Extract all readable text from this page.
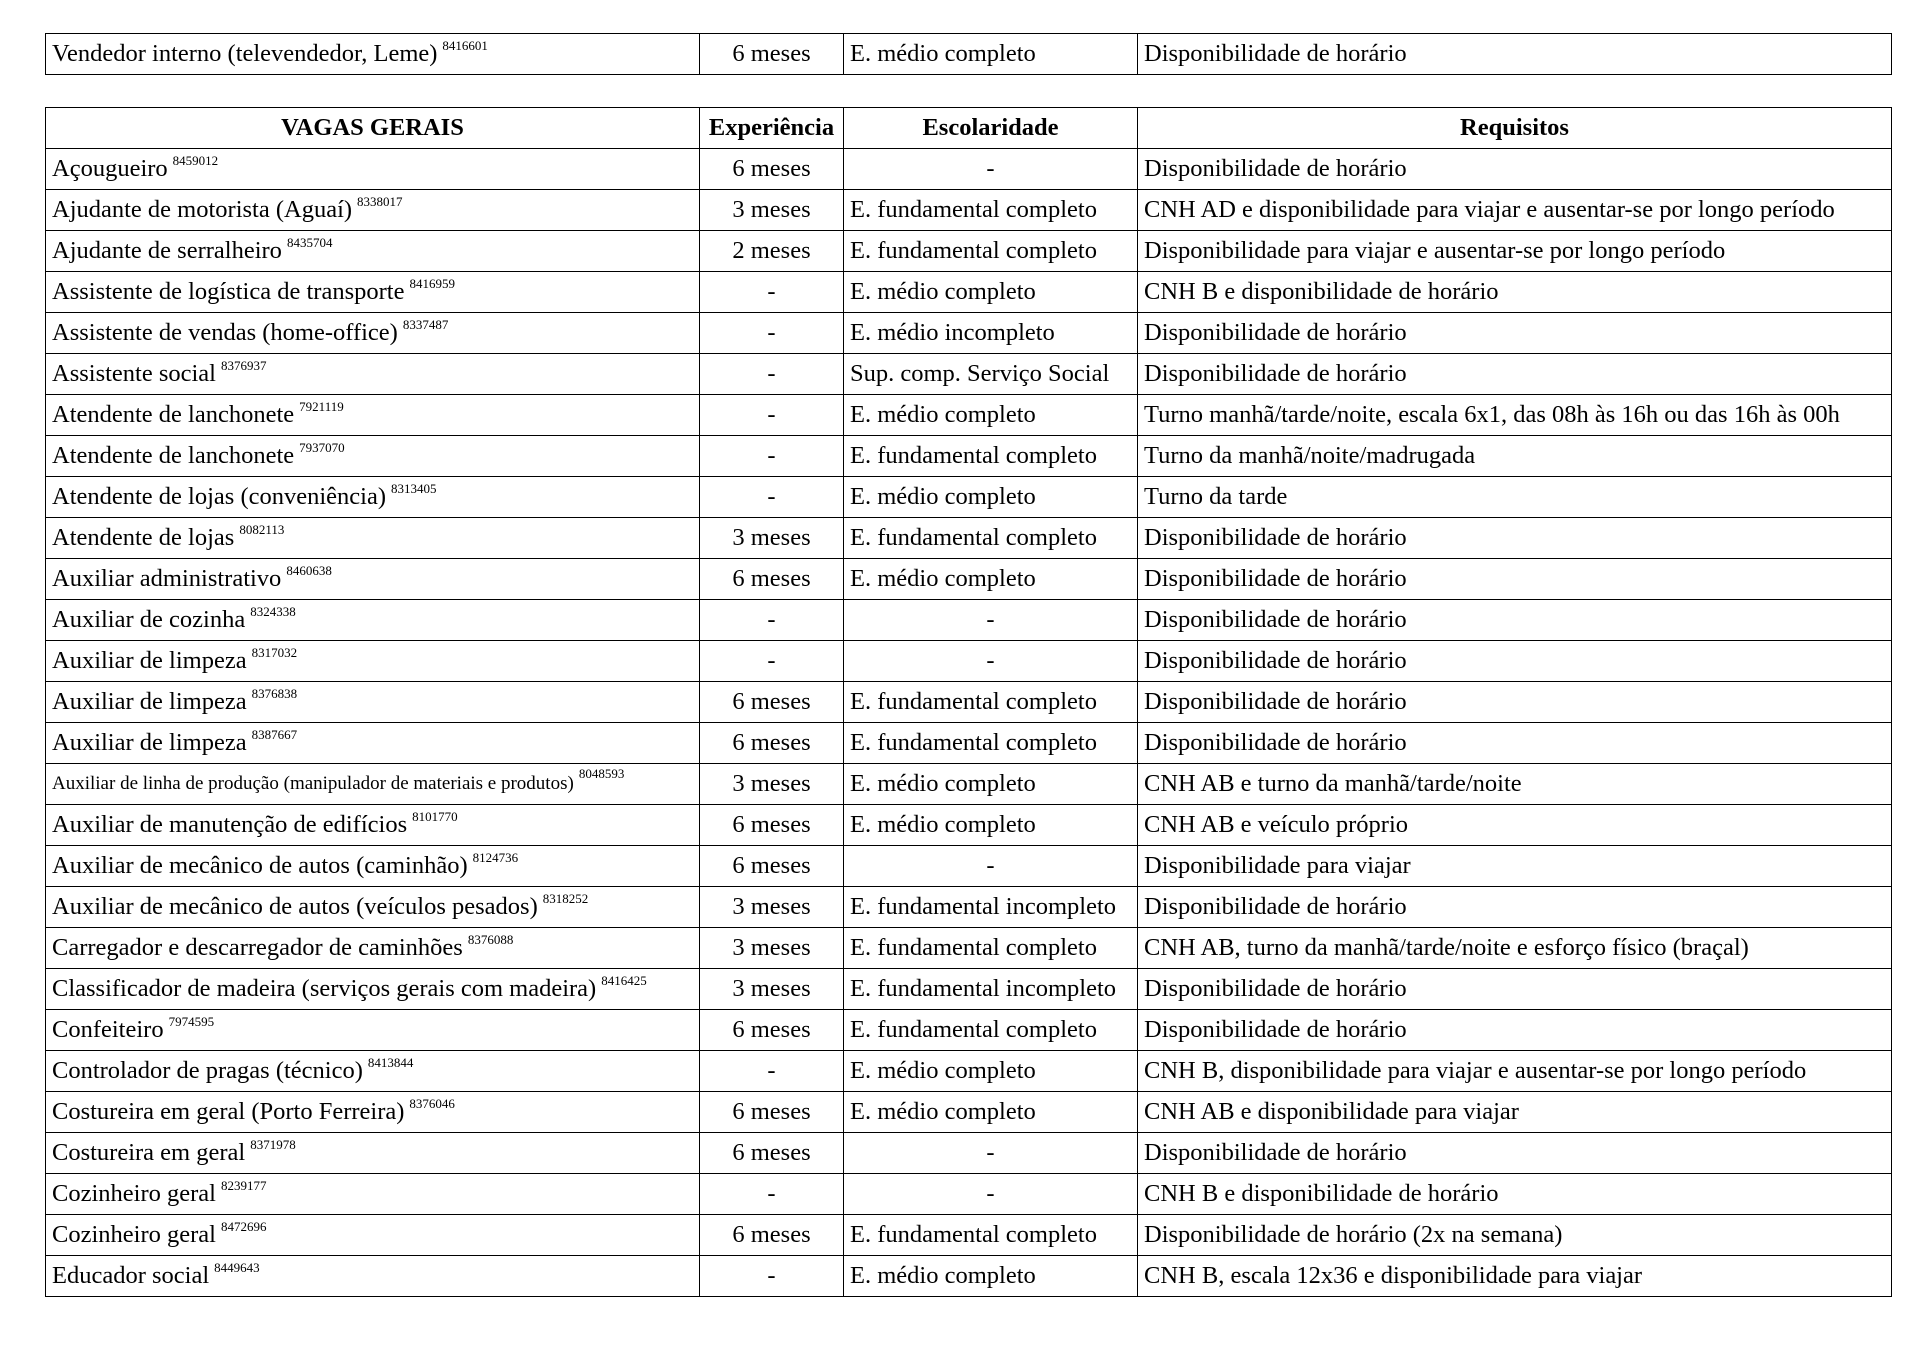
Vendedor interno (televendedor, Leme) $^{8416601}$	6 meses	E. médio completo	Disponibilidade de horário
VAGAS GERAIS	Experiência	Escolaridade	Requisitos
Açougueiro $^{8459012}$	6 meses	-	Disponibilidade de horário
Ajudante de motorista (Aguaí) $^{8338017}$	3 meses	E. fundamental completo	CNH AD e disponibilidade para viajar e ausentar-se por longo período
Ajudante de serralheiro $^{8435704}$	2 meses	E. fundamental completo	Disponibilidade para viajar e ausentar-se por longo período
Assistente de logística de transporte $^{8416959}$	-	E. médio completo	CNH B e disponibilidade de horário
Assistente de vendas (home-office) $^{8337487}$	-	E. médio incompleto	Disponibilidade de horário
Assistente social $^{8376937}$	-	Sup. comp. Serviço Social	Disponibilidade de horário
Atendente de lanchonete $^{7921119}$	-	E. médio completo	Turno manhã/tarde/noite, escala 6x1, das 08h às 16h ou das 16h às 00h
Atendente de lanchonete $^{7937070}$	-	E. fundamental completo	Turno da manhã/noite/madrugada
Atendente de lojas (conveniência) $^{8313405}$	-	E. médio completo	Turno da tarde
Atendente de lojas $^{8082113}$	3 meses	E. fundamental completo	Disponibilidade de horário
Auxiliar administrativo $^{8460638}$	6 meses	E. médio completo	Disponibilidade de horário
Auxiliar de cozinha $^{8324338}$	-	-	Disponibilidade de horário
Auxiliar de limpeza $^{8317032}$	-	-	Disponibilidade de horário
Auxiliar de limpeza $^{8376838}$	6 meses	E. fundamental completo	Disponibilidade de horário
Auxiliar de limpeza $^{8387667}$	6 meses	E. fundamental completo	Disponibilidade de horário
Auxiliar de linha de produção (manipulador de materiais e produtos) $^{8048593}$	3 meses	E. médio completo	CNH AB e turno da manhã/tarde/noite
Auxiliar de manutenção de edifícios $^{8101770}$	6 meses	E. médio completo	CNH AB e veículo próprio
Auxiliar de mecânico de autos (caminhão) $^{8124736}$	6 meses	-	Disponibilidade para viajar
Auxiliar de mecânico de autos (veículos pesados) $^{8318252}$	3 meses	E. fundamental incompleto	Disponibilidade de horário
Carregador e descarregador de caminhões $^{8376088}$	3 meses	E. fundamental completo	CNH AB, turno da manhã/tarde/noite e esforço físico (braçal)
Classificador de madeira (serviços gerais com madeira) $^{8416425}$	3 meses	E. fundamental incompleto	Disponibilidade de horário
Confeiteiro $^{7974595}$	6 meses	E. fundamental completo	Disponibilidade de horário
Controlador de pragas (técnico) $^{8413844}$	-	E. médio completo	CNH B, disponibilidade para viajar e ausentar-se por longo período
Costureira em geral (Porto Ferreira) $^{8376046}$	6 meses	E. médio completo	CNH AB e disponibilidade para viajar
Costureira em geral $^{8371978}$	6 meses	-	Disponibilidade de horário
Cozinheiro geral $^{8239177}$	-	-	CNH B e disponibilidade de horário
Cozinheiro geral $^{8472696}$	6 meses	E. fundamental completo	Disponibilidade de horário (2x na semana)
Educador social $^{8449643}$	-	E. médio completo	CNH B, escala 12x36 e disponibilidade para viajar
